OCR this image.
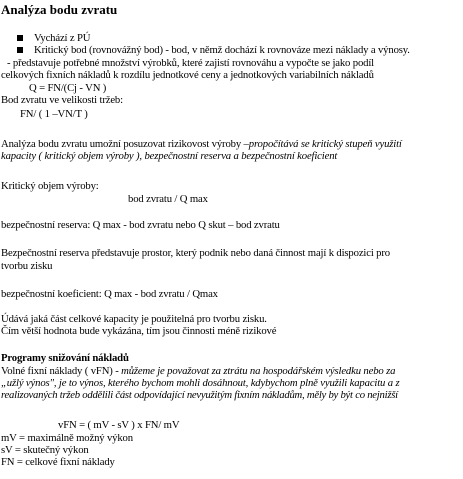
Analýza bodu zvratu
Vychází z PÚ
Kritický bod (rovnovážný bod) - bod, v němž dochází k rovnováze mezi náklady a výnosy.
- představuje potřebné množství výrobků, které zajistí rovnováhu a vypočte se jako podíl
celkových fixních nákladů k rozdílu jednotkové ceny a jednotkových variabilních nákladů
Q = FN/(Cj - VN )
Bod zvratu ve velikosti tržeb:
FN/ ( 1 –VN/T )
Analýza bodu zvratu umožní posuzovat rizikovost výroby –propočítává se kritický stupeň využití
kapacity ( kritický objem výroby ), bezpečnostní reserva a bezpečnostní koeficient
Kritický objem výroby:
bod zvratu / Q max
bezpečnostní reserva: Q max - bod zvratu nebo Q skut – bod zvratu
Bezpečnostní reserva představuje prostor, který podnik nebo daná činnost mají k dispozici pro
tvorbu zisku
bezpečnostní koeficient: Q max - bod zvratu / Qmax
Údává jaká část celkové kapacity je použitelná pro tvorbu zisku.
Čím větší hodnota bude vykázána, tím jsou činnosti méně rizikové
Programy snižování nákladů
Volné fixní náklady ( vFN) - můžeme je považovat za ztrátu na hospodářském výsledku nebo za
„užlý výnos", je to výnos, kterého bychom mohli dosáhnout, kdybychom plně využili kapacitu a z
realizovaných tržeb oddělili část odpovídající nevyužitým fixním nákladům, měly by být co nejnižší
vFN = ( mV - sV ) x FN/ mV
mV = maximálně možný výkon
sV = skutečný výkon
FN = celkové fixní náklady
